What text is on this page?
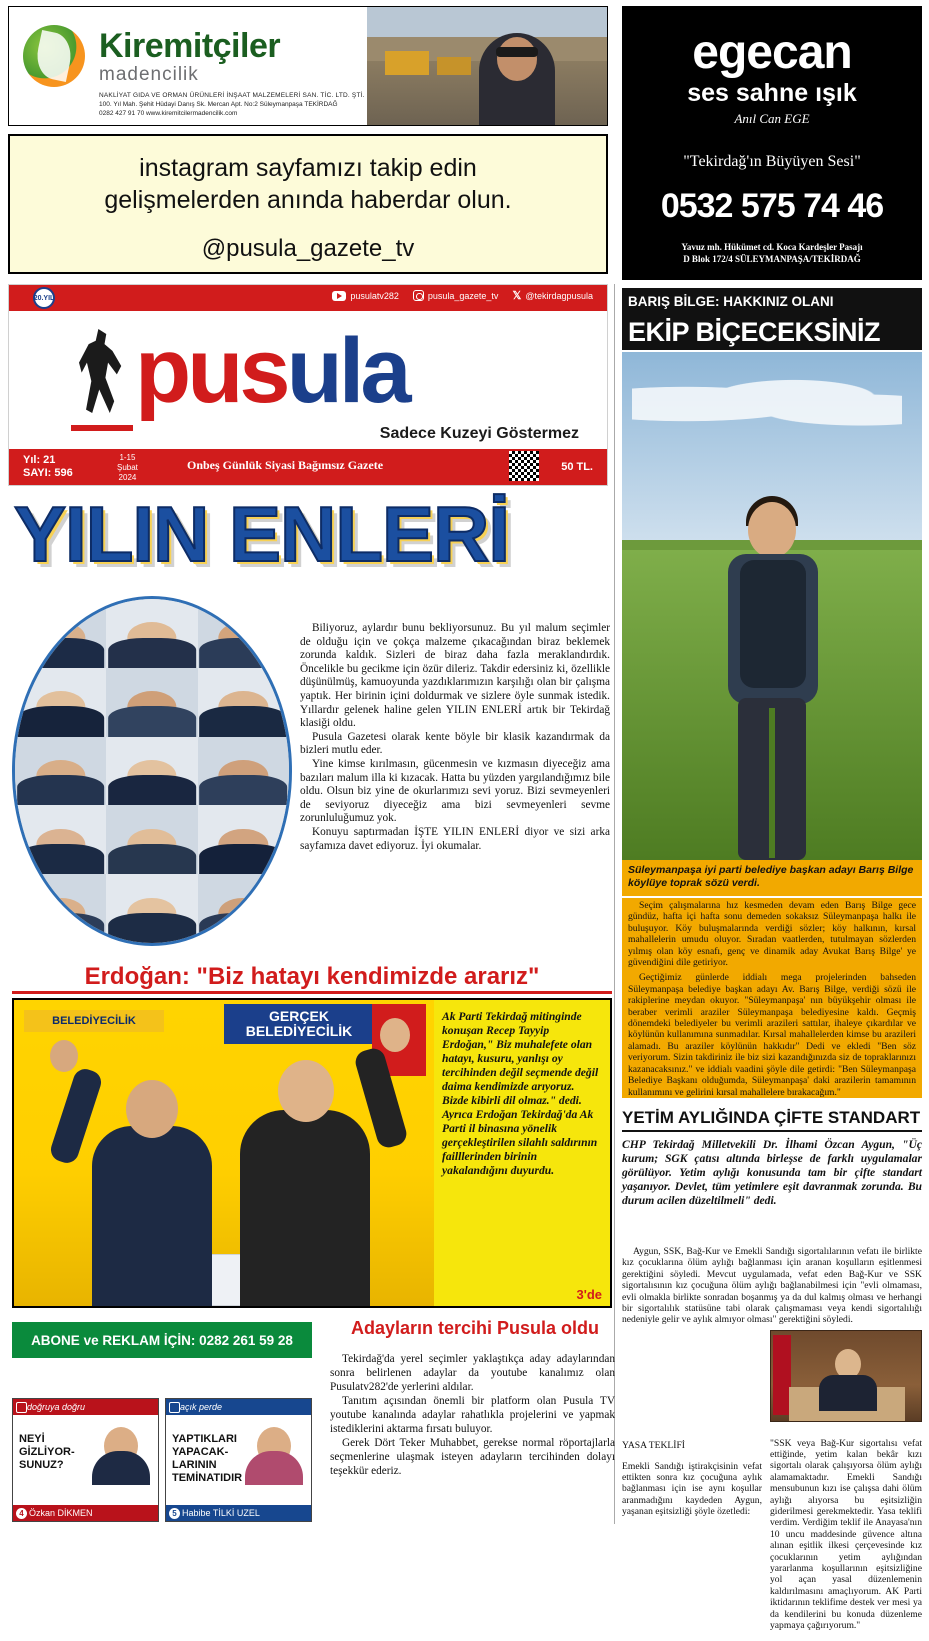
Kiremitçiler
madencilik
NAKLİYAT GIDA VE ORMAN ÜRÜNLERİ İNŞAAT MALZEMELERİ SAN. TİC. LTD. ŞTİ.
100. Yıl Mah. Şehit Hüdayi Danış Sk. Mercan Apt. No:2 Süleymanpaşa TEKİRDAĞ
0282 427 91 70 www.kiremitcilermadencilik.com
egecan
ses sahne ışık
Anıl Can EGE
"Tekirdağ'ın Büyüyen Sesi"
0532 575 74 46
Yavuz mh. Hükümet cd. Koca Kardeşler Pasajı
D Blok 172/4 SÜLEYMANPAŞA/TEKİRDAĞ
instagram sayfamızı takip edin
gelişmelerden anında haberdar olun.
@pusula_gazete_tv
20.YIL	pusulatv282	pusula_gazete_tv 𝕏 @tekirdagpusula
pusula
Sadece Kuzeyi Göstermez
Yıl: 21
SAYI: 596
1-15
Şubat
2024
Onbeş Günlük Siyasi Bağımsız Gazete	50 TL.
YILIN ENLERİ

Biliyoruz, aylardır bunu bekliyorsunuz. Bu yıl malum seçimler de olduğu için ve çokça malzeme çıkacağından biraz beklemek zorunda kaldık. Sizleri de biraz daha fazla meraklandırdık. Öncelikle bu gecikme için özür dileriz. Takdir edersiniz ki, özellikle düşünülmüş, kamuoyunda yazdıklarımızın karşılığı olan bir çalışma yaptık. Her birinin içini doldurmak ve sizlere öyle sunmak istedik. Yıllardır gelenek haline gelen YILIN ENLERİ artık bir Tekirdağ klasiği oldu.

Pusula Gazetesi olarak kente böyle bir klasik kazandırmak da bizleri mutlu eder.

Yine kimse kırılmasın, gücenmesin ve kızmasın diyeceğiz ama bazıları malum illa ki kızacak. Hatta bu yüzden yargılandığımız bile oldu. Olsun biz yine de okurlarımızı sevi yoruz. Bizi sevmeyenleri de seviyoruz diyeceğiz ama bizi sevmeyenleri sevme zorunluluğumuz yok.

Konuyu saptırmadan İŞTE YILIN ENLERİ diyor ve sizi arka sayfamıza davet ediyoruz. İyi okumalar.

Erdoğan: "Biz hatayı kendimizde ararız"
BELEDİYECİLİK	GERÇEK
BELEDİYECİLİK
★
Ak Parti Tekirdağ mitinginde konuşan Recep Tayyip Erdoğan," Biz muhalefete olan hatayı, kusuru, yanlışı oy tercihinden değil seçmende değil daima kendimizde arıyoruz. Bizde kibirli dil olmaz." dedi. Ayrıca Erdoğan Tekirdağ'da Ak Parti il binasına yönelik gerçekleştirilen silahlı saldırının failllerinden birinin yakalandığını duyurdu.
3'de
ABONE ve REKLAM İÇİN: 0282 261 59 28
Adayların tercihi Pusula oldu

Tekirdağ'da yerel seçimler yaklaştıkça aday adaylarından sonra belirlenen adaylar da youtube kanalımız olan Pusulatv282'de yerlerini aldılar.

Tanıtım açısından önemli bir platform olan Pusula TV youtube kanalında adaylar rahatlıkla projelerini ve yapmak istediklerini aktarma fırsatı buluyor.

Gerek Dört Teker Muhabbet, gerekse normal röportajlarla seçmenlerine ulaşmak isteyen adayların tercihinden dolayı teşekkür ederiz.

doğruya doğru
NEYİ GİZLİYOR-SUNUZ?
4 Özkan DİKMEN
açık perde
YAPTIKLARI YAPACAK-LARININ TEMİNATIDIR
5 Habibe TİLKİ UZEL
BARIŞ BİLGE: HAKKINIZ OLANI
EKİP BİÇECEKSİNİZ
Süleymanpaşa iyi parti belediye başkan adayı Barış Bilge köylüye toprak sözü verdi.

Seçim çalışmalarına hız kesmeden devam eden Barış Bilge gece gündüz, hafta içi hafta sonu demeden sokaksız Süleymanpaşa halkı ile buluşuyor. Köy buluşmalarında verdiği sözler; köy halkının, kırsal mahallelerin umudu oluyor. Sıradan vaatlerden, tutulmayan sözlerden yılmış olan köy esnafı, genç ve dinamik aday Avukat Barış Bilge' ye güvendiğini dile getiriyor.

Geçtiğimiz günlerde iddialı mega projelerinden bahseden Süleymanpaşa belediye başkan adayı Av. Barış Bilge, verdiği sözü ile rakiplerine meydan okuyor. "Süleymanpaşa' nın büyükşehir olması ile beraber verimli araziler Süleymanpaşa belediyesine kaldı. Geçmiş dönemdeki belediyeler bu verimli arazileri sattılar, ihaleye çıkardılar ve köylünün kullanımına sunmadılar. Kırsal mahallelerden kimse bu arazileri alamadı. Bu araziler köylünün hakkıdır" Dedi ve ekledi "Ben söz veriyorum. Sizin takdiriniz ile biz sizi kazandığınızda siz de topraklarınızı kazanacaksınız." ve iddialı vaadini şöyle dile getirdi: "Ben Süleymanpaşa Belediye Başkanı olduğumda, Süleymanpaşa' daki arazilerin tamamının kullanımını ve gelirini kırsal mahallelere bırakacağım."

YETİM AYLIĞINDA ÇİFTE STANDART
CHP Tekirdağ Milletvekili Dr. İlhami Özcan Aygun, "Üç kurum; SGK çatısı altında birleşse de farklı uygulamalar görülüyor. Yetim aylığı konusunda tam bir çifte standart yaşanıyor. Devlet, tüm yetimlere eşit davranmak zorunda. Bu durum acilen düzeltilmeli" dedi.

Aygun, SSK, Bağ-Kur ve Emekli Sandığı sigortalılarının vefatı ile birlikte kız çocuklarına ölüm aylığı bağlanması için aranan koşulların eşitlenmesi gerektiğini söyledi. Mevcut uygulamada, vefat eden Bağ-Kur ve SSK sigortalısının kız çocuğuna ölüm aylığı bağlanabilmesi için "evli olmaması, evli olmakla birlikte sonradan boşanmış ya da dul kalmış olması ve herhangi bir sigortalılık statüsüne tabi olarak çalışmaması veya kendi sigortalılığı nedeniyle gelir ve aylık almıyor olması" gerektiğini söyledi.

YASA TEKLİFİ

Emekli Sandığı iştirakçisinin vefat ettikten sonra kız çocuğuna aylık bağlanması için ise aynı koşullar aranmadığını kaydeden Aygun, yaşanan eşitsizliği şöyle özetledi:

"SSK veya Bağ-Kur sigortalısı vefat ettiğinde, yetim kalan bekâr kızı sigortalı olarak çalışıyorsa ölüm aylığı alamamaktadır. Emekli Sandığı mensubunun kızı ise çalışsa dahi ölüm aylığı alıyorsa bu eşitsizliğin giderilmesi gerekmektedir. Yasa teklifi verdim. Verdiğim teklif ile Anayasa'nın 10 uncu maddesinde güvence altına alınan eşitlik ilkesi çerçevesinde kız çocuklarının yetim aylığından yararlanma koşullarının eşitsizliğine yol açan yasal düzenlemenin kaldırılmasını amaçlıyorum. AK Parti iktidarının teklifime destek ver mesi ya da kendilerini bu konuda düzenleme yapmaya çağırıyorum."
